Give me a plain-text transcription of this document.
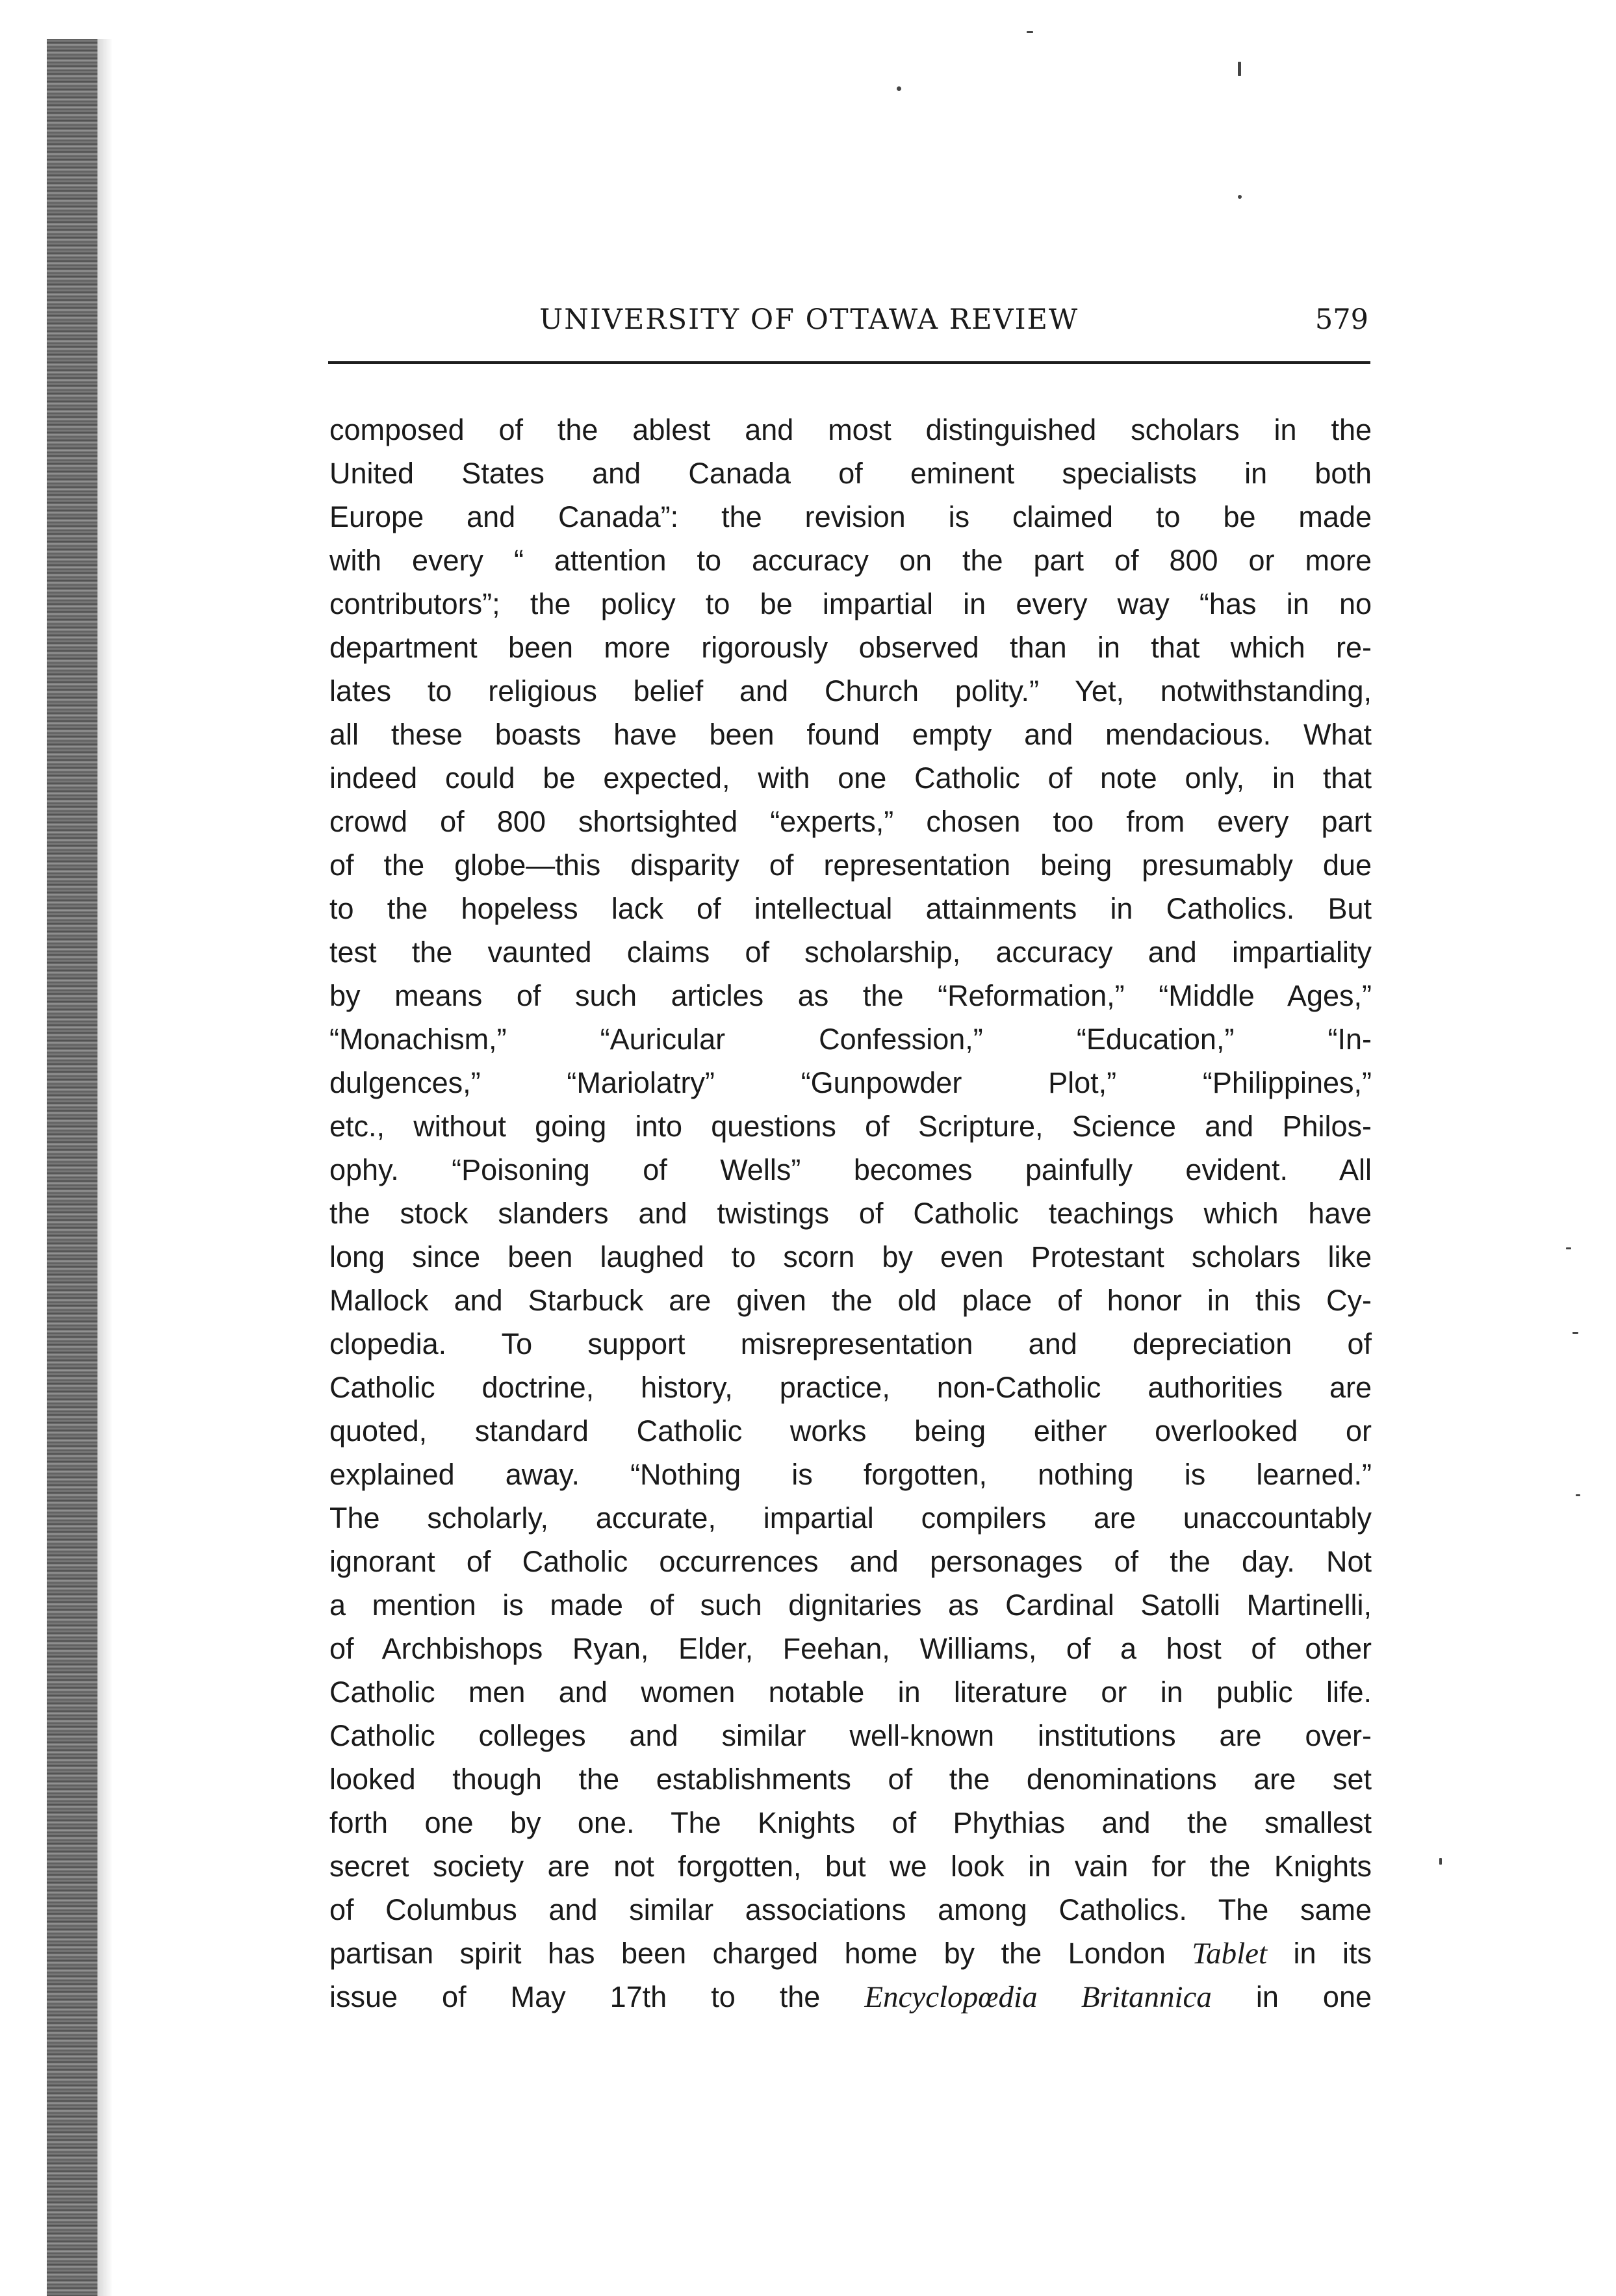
UNIVERSITY OF OTTAWA REVIEW	579
composed of the ablest and most distinguished scholars in the
United States and Canada of eminent specialists in both
Europe and Canada”: the revision is claimed to be made
with every “ attention to accuracy on the part of 800 or more
contributors”; the policy to be impartial in every way “has in no
department been more rigorously observed than in that which re-
lates to religious belief and Church polity.” Yet, notwithstanding,
all these boasts have been found empty and mendacious. What
indeed could be expected, with one Catholic of note only, in that
crowd of 800 shortsighted “experts,” chosen too from every part
of the globe—this disparity of representation being presumably due
to the hopeless lack of intellectual attainments in Catholics. But
test the vaunted claims of scholarship, accuracy and impartiality
by means of such articles as the “Reformation,” “Middle Ages,”
“Monachism,” “Auricular Confession,” “Education,” “In-
dulgences,” “Mariolatry” “Gunpowder Plot,” “Philippines,”
etc., without going into questions of Scripture, Science and Philos-
ophy. “Poisoning of Wells” becomes painfully evident. All
the stock slanders and twistings of Catholic teachings which have
long since been laughed to scorn by even Protestant scholars like
Mallock and Starbuck are given the old place of honor in this Cy-
clopedia. To support misrepresentation and depreciation of
Catholic doctrine, history, practice, non-Catholic authorities are
quoted, standard Catholic works being either overlooked or
explained away. “Nothing is forgotten, nothing is learned.”
The scholarly, accurate, impartial compilers are unaccountably
ignorant of Catholic occurrences and personages of the day. Not
a mention is made of such dignitaries as Cardinal Satolli Martinelli,
of Archbishops Ryan, Elder, Feehan, Williams, of a host of other
Catholic men and women notable in literature or in public life.
Catholic colleges and similar well-known institutions are over-
looked though the establishments of the denominations are set
forth one by one. The Knights of Phythias and the smallest
secret society are not forgotten, but we look in vain for the Knights
of Columbus and similar associations among Catholics. The same
partisan spirit has been charged home by the London Tablet in its
issue of May 17th to the Encyclopœdia Britannica in one
